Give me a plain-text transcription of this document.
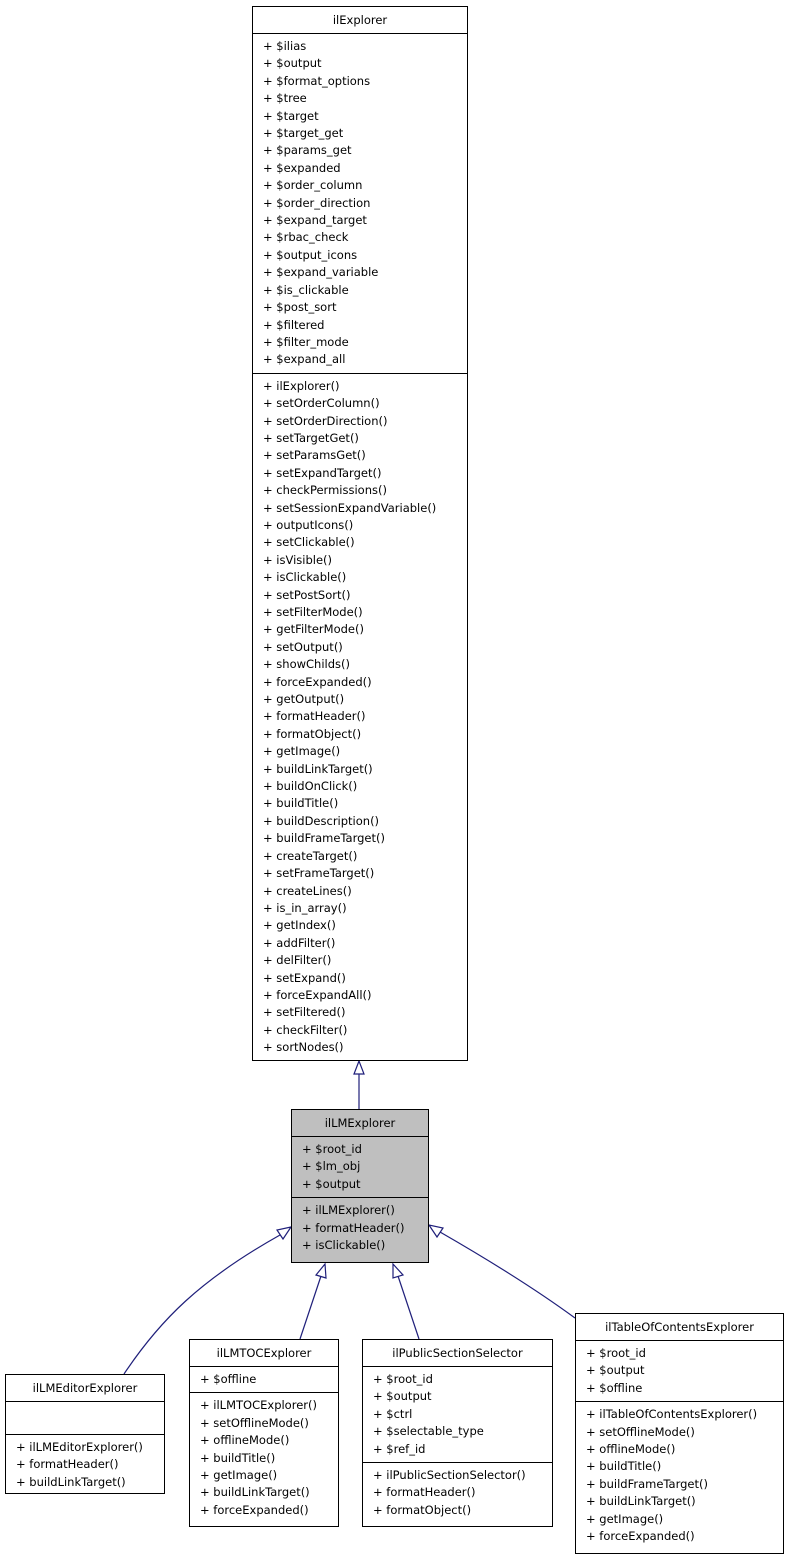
ilExplorer
+ $ilias
+ $output
+ $format_options
+ $tree
+ $target
+ $target_get
+ $params_get
+ $expanded
+ $order_column
+ $order_direction
+ $expand_target
+ $rbac_check
+ $output_icons
+ $expand_variable
+ $is_clickable
+ $post_sort
+ $filtered
+ $filter_mode
+ $expand_all
+ ilExplorer()
+ setOrderColumn()
+ setOrderDirection()
+ setTargetGet()
+ setParamsGet()
+ setExpandTarget()
+ checkPermissions()
+ setSessionExpandVariable()
+ outputIcons()
+ setClickable()
+ isVisible()
+ isClickable()
+ setPostSort()
+ setFilterMode()
+ getFilterMode()
+ setOutput()
+ showChilds()
+ forceExpanded()
+ getOutput()
+ formatHeader()
+ formatObject()
+ getImage()
+ buildLinkTarget()
+ buildOnClick()
+ buildTitle()
+ buildDescription()
+ buildFrameTarget()
+ createTarget()
+ setFrameTarget()
+ createLines()
+ is_in_array()
+ getIndex()
+ addFilter()
+ delFilter()
+ setExpand()
+ forceExpandAll()
+ setFiltered()
+ checkFilter()
+ sortNodes()
ilLMExplorer
+ $root_id
+ $lm_obj
+ $output
+ ilLMExplorer()
+ formatHeader()
+ isClickable()
ilLMEditorExplorer
+ ilLMEditorExplorer()
+ formatHeader()
+ buildLinkTarget()
ilLMTOCExplorer
+ $offline
+ ilLMTOCExplorer()
+ setOfflineMode()
+ offlineMode()
+ buildTitle()
+ getImage()
+ buildLinkTarget()
+ forceExpanded()
ilPublicSectionSelector
+ $root_id
+ $output
+ $ctrl
+ $selectable_type
+ $ref_id
+ ilPublicSectionSelector()
+ formatHeader()
+ formatObject()
ilTableOfContentsExplorer
+ $root_id
+ $output
+ $offline
+ ilTableOfContentsExplorer()
+ setOfflineMode()
+ offlineMode()
+ buildTitle()
+ buildFrameTarget()
+ buildLinkTarget()
+ getImage()
+ forceExpanded()
